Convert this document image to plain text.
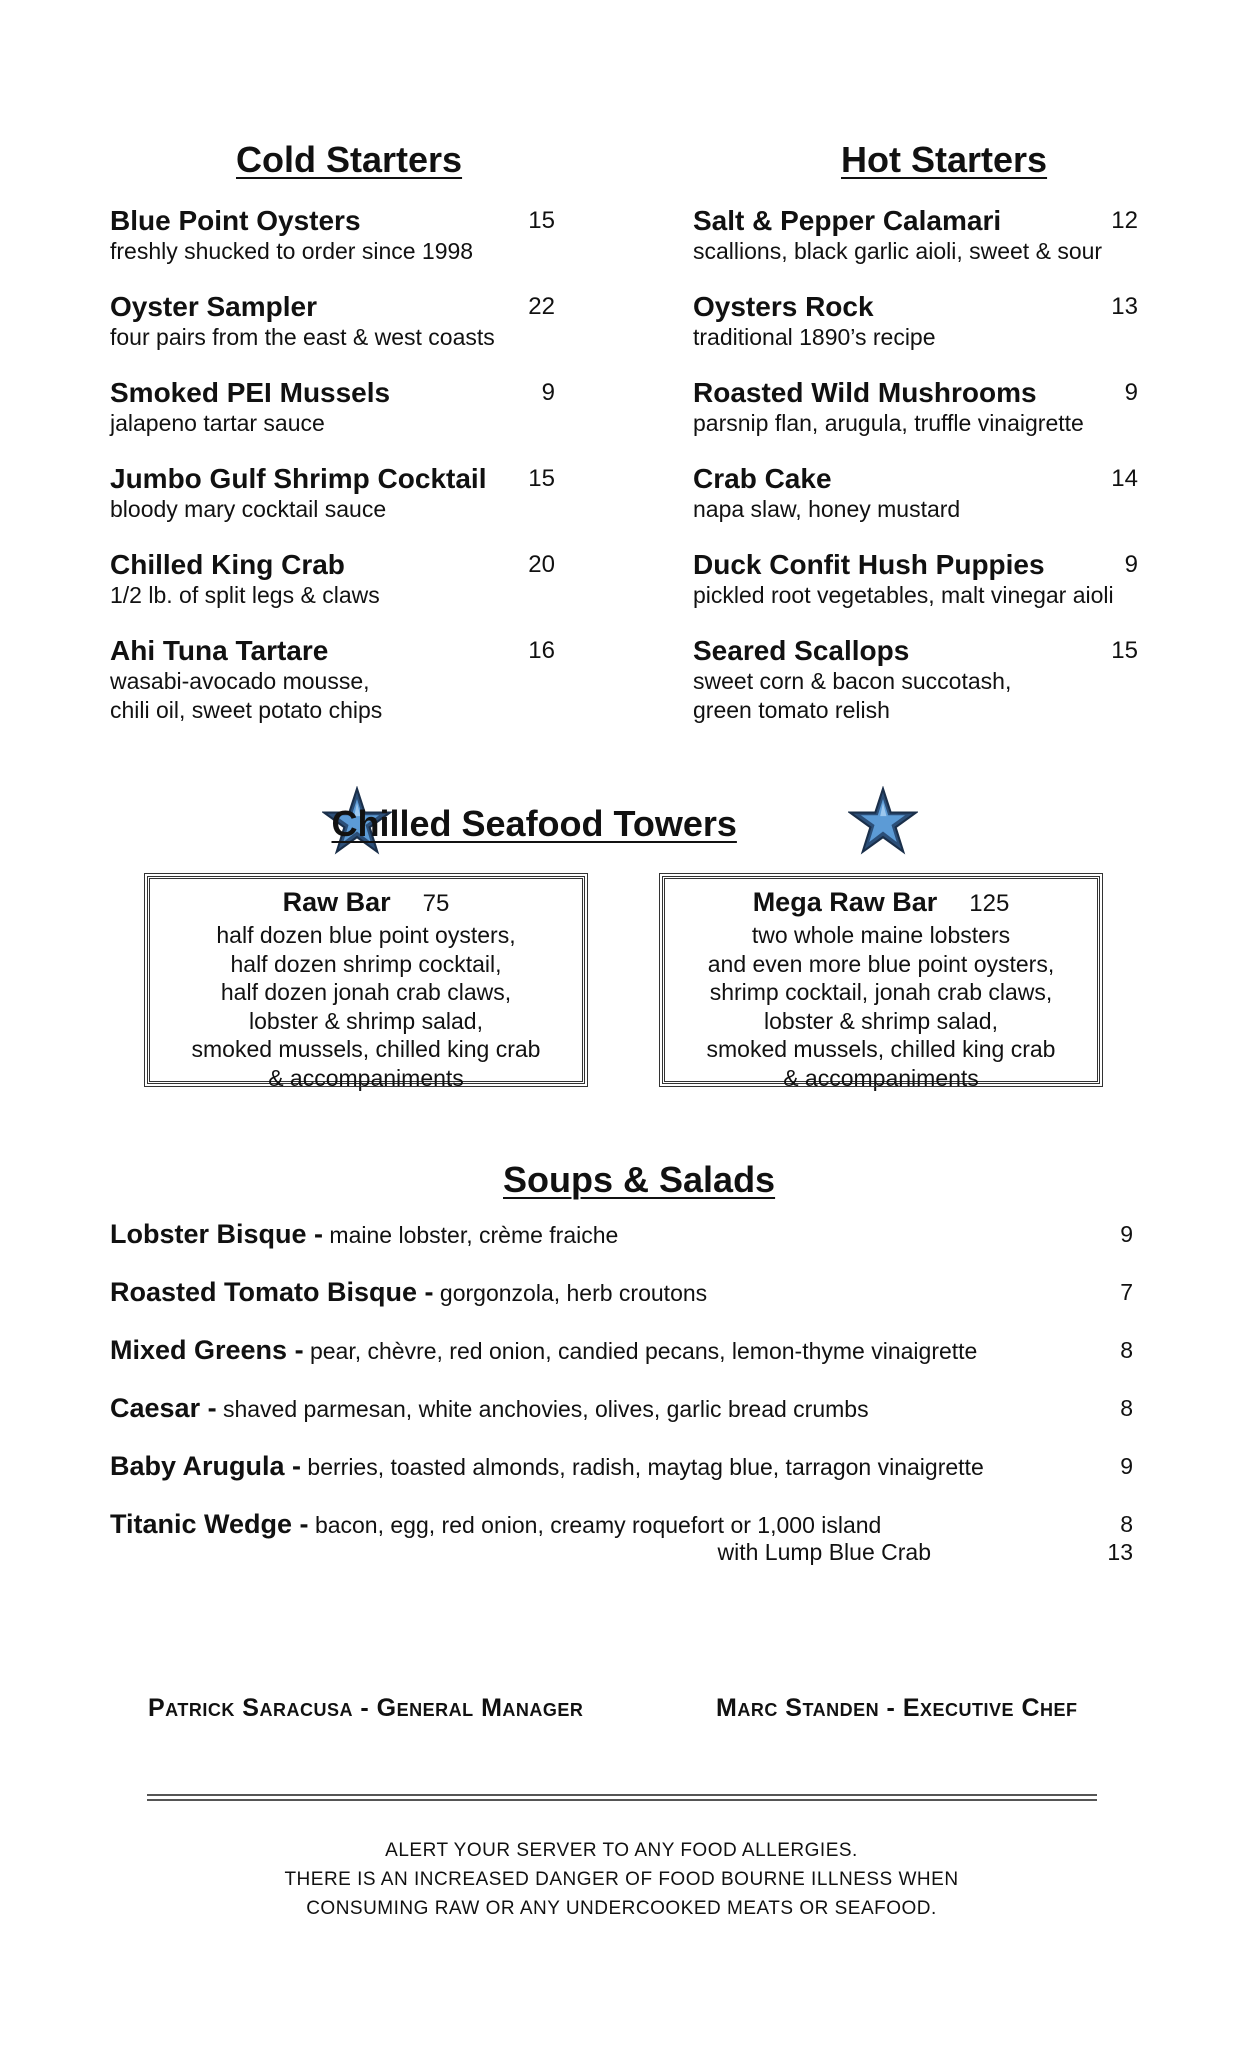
Cold Starters	Hot Starters
Blue Point Oysters	15
freshly shucked to order since 1998
Oyster Sampler	22
four pairs from the east & west coasts
Smoked PEI Mussels	9
jalapeno tartar sauce
Jumbo Gulf Shrimp Cocktail	15
bloody mary cocktail sauce
Chilled King Crab	20
1/2 lb. of split legs & claws
Ahi Tuna Tartare	16
wasabi-avocado mousse,
chili oil, sweet potato chips
Salt & Pepper Calamari	12
scallions, black garlic aioli, sweet & sour
Oysters Rock	13
traditional 1890’s recipe
Roasted Wild Mushrooms	9
parsnip flan, arugula, truffle vinaigrette
Crab Cake	14
napa slaw, honey mustard
Duck Confit Hush Puppies	9
pickled root vegetables, malt vinegar aioli
Seared Scallops	15
sweet corn & bacon succotash,
green tomato relish
Chilled Seafood Towers
Raw Bar 75
half dozen blue point oysters,
half dozen shrimp cocktail,
half dozen jonah crab claws,
lobster & shrimp salad,
smoked mussels, chilled king crab
& accompaniments
Mega Raw Bar 125
two whole maine lobsters
and even more blue point oysters,
shrimp cocktail, jonah crab claws,
lobster & shrimp salad,
smoked mussels, chilled king crab
& accompaniments
Soups & Salads
Lobster Bisque - maine lobster, crème fraiche	9
Roasted Tomato Bisque - gorgonzola, herb croutons	7
Mixed Greens - pear, chèvre, red onion, candied pecans, lemon-thyme vinaigrette	8
Caesar - shaved parmesan, white anchovies, olives, garlic bread crumbs	8
Baby Arugula - berries, toasted almonds, radish, maytag blue, tarragon vinaigrette	9
Titanic Wedge - bacon, egg, red onion, creamy roquefort or 1,000 island	8
with Lump Blue Crab	13
Patrick Saracusa - General Manager	Marc Standen - Executive Chef
ALERT YOUR SERVER TO ANY FOOD ALLERGIES.
THERE IS AN INCREASED DANGER OF FOOD BOURNE ILLNESS WHEN
CONSUMING RAW OR ANY UNDERCOOKED MEATS OR SEAFOOD.
